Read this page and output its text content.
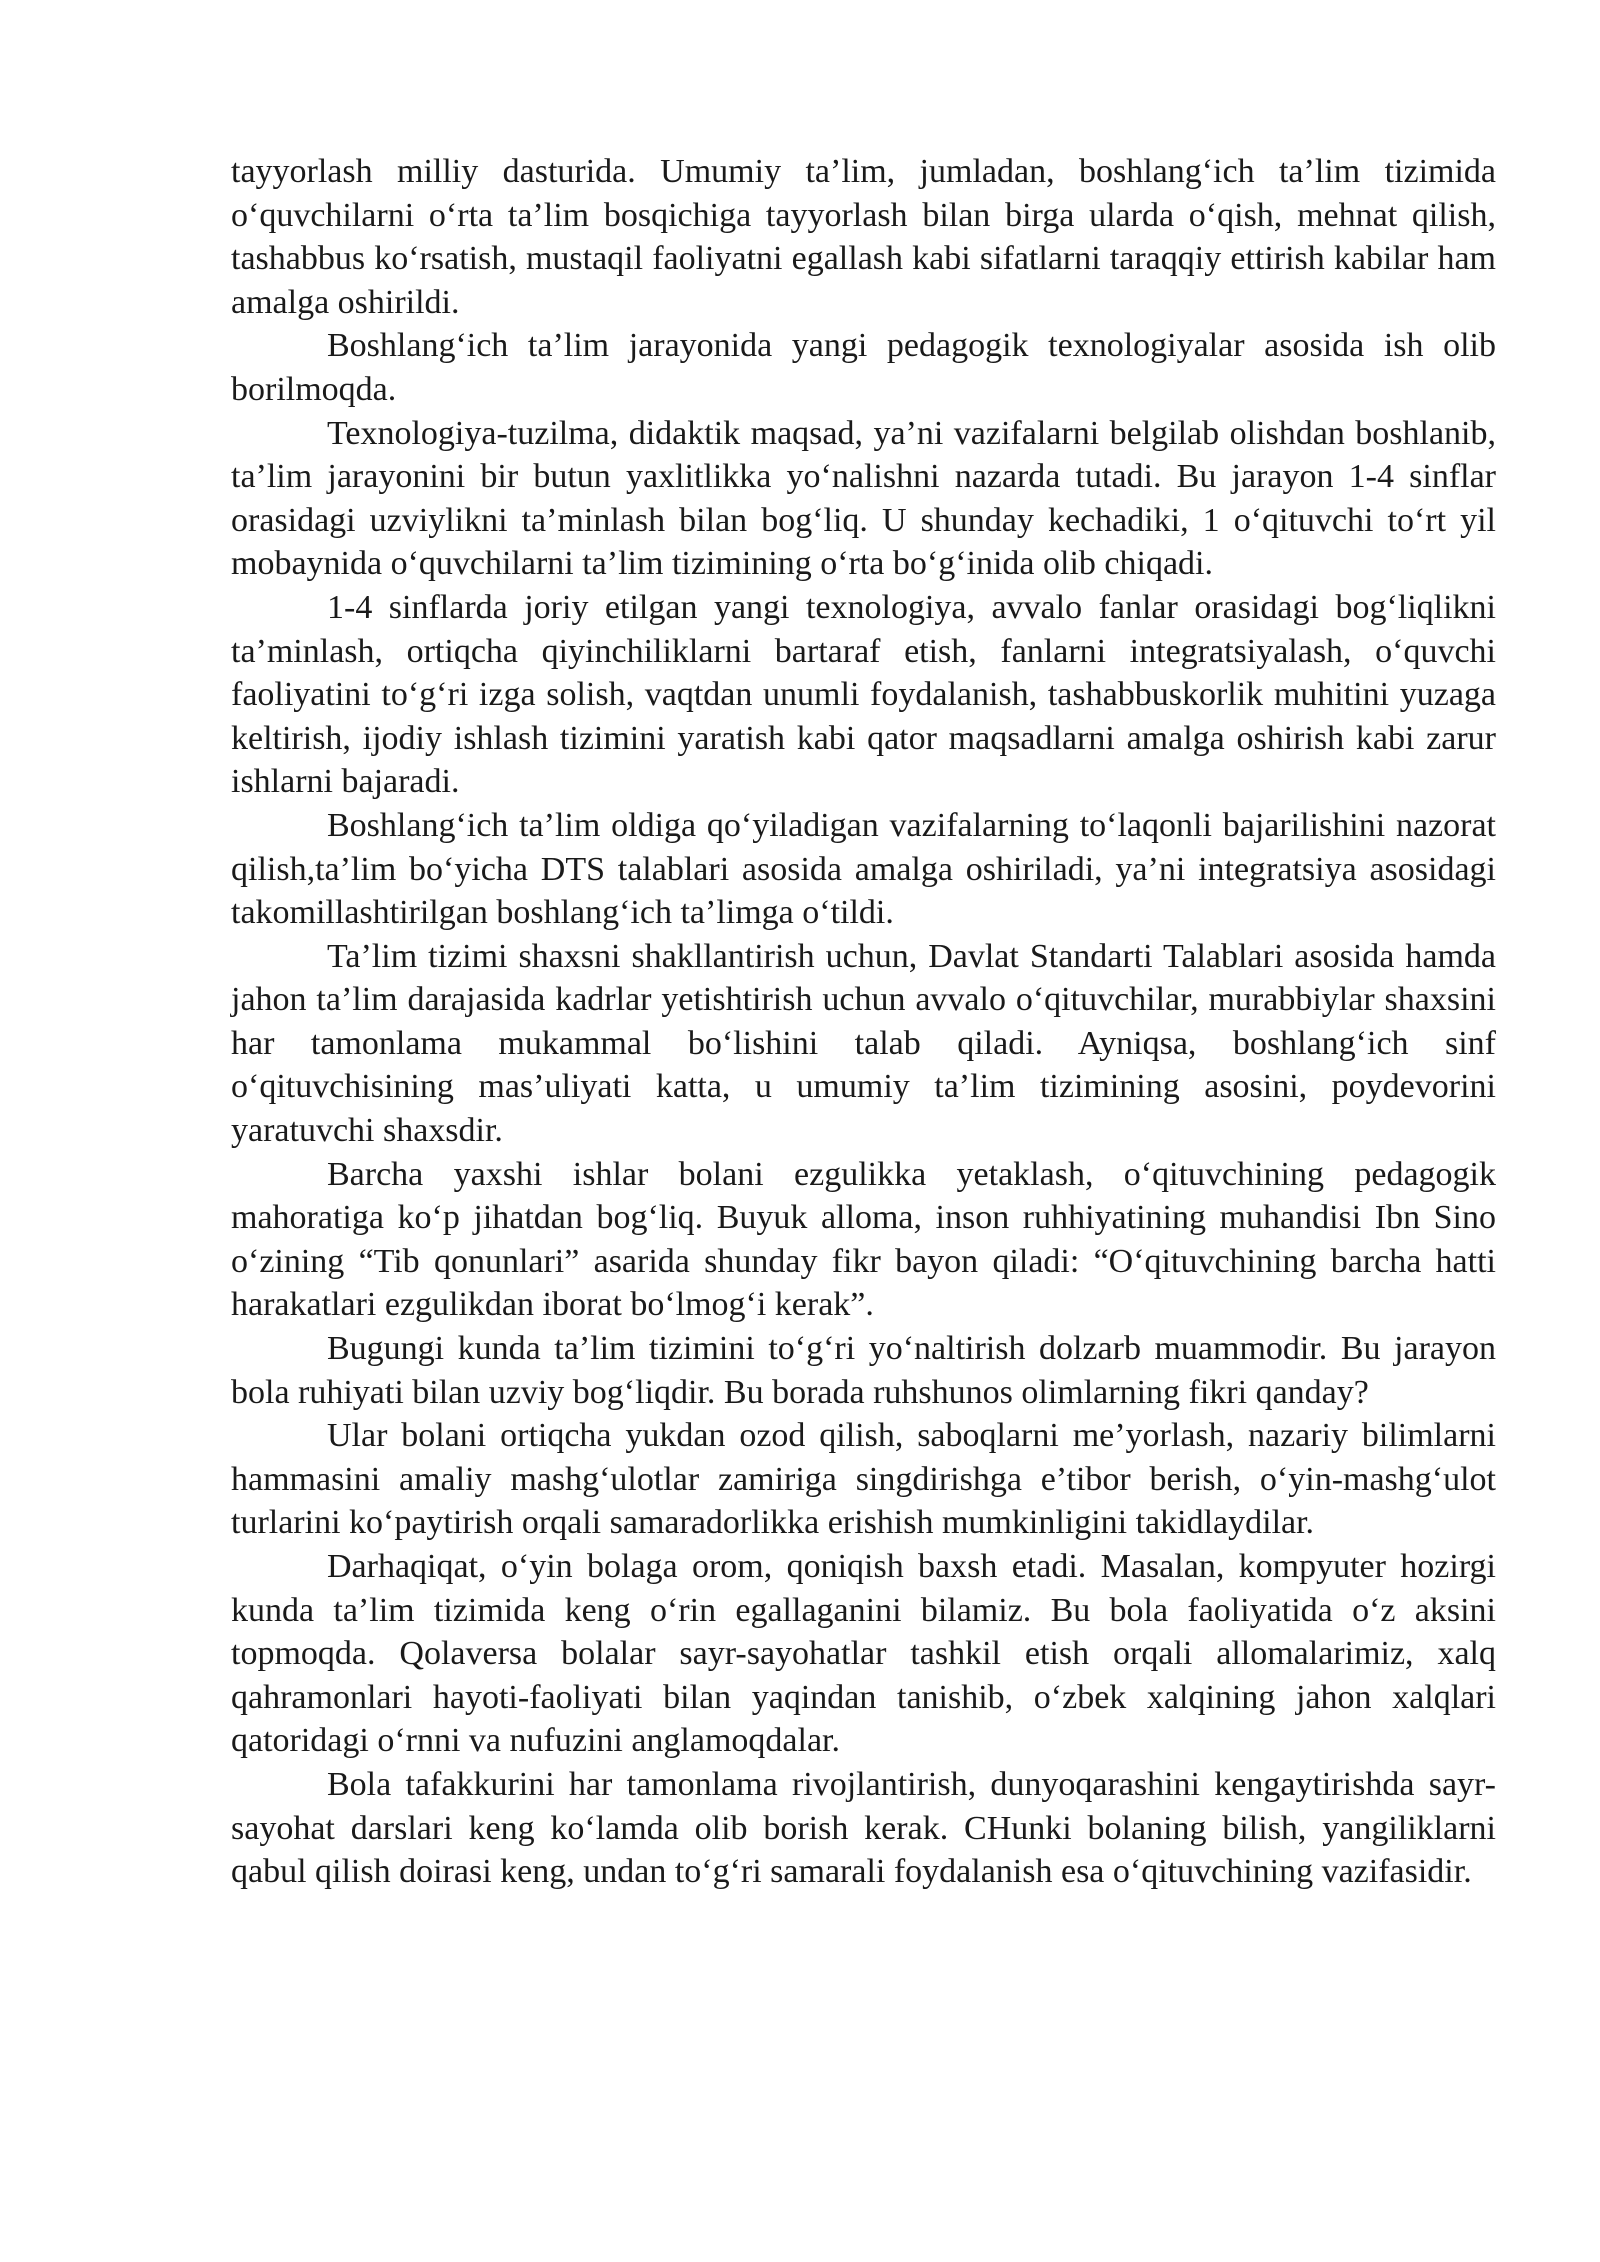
tayyorlash milliy dasturida. Umumiy ta’lim, jumladan, boshlang‘ich ta’lim tizimida o‘quvchilarni o‘rta ta’lim bosqichiga tayyorlash bilan birga ularda o‘qish, mehnat qilish, tashabbus ko‘rsatish, mustaqil faoliyatni egallash kabi sifatlarni taraqqiy ettirish kabilar ham amalga oshirildi.

Boshlang‘ich ta’lim jarayonida yangi pedagogik texnologiyalar asosida ish olib borilmoqda.

Texnologiya-tuzilma, didaktik maqsad, ya’ni vazifalarni belgilab olishdan boshlanib, ta’lim jarayonini bir butun yaxlitlikka yo‘nalishni nazarda tutadi. Bu jarayon 1-4 sinflar orasidagi uzviylikni ta’minlash bilan bog‘liq. U shunday kechadiki, 1 o‘qituvchi to‘rt yil mobaynida o‘quvchilarni ta’lim tizimining o‘rta bo‘g‘inida olib chiqadi.

1-4 sinflarda joriy etilgan yangi texnologiya, avvalo fanlar orasidagi bog‘liqlikni ta’minlash, ortiqcha qiyinchiliklarni bartaraf etish, fanlarni integratsiyalash, o‘quvchi faoliyatini to‘g‘ri izga solish, vaqtdan unumli foydalanish, tashabbuskorlik muhitini yuzaga keltirish, ijodiy ishlash tizimini yaratish kabi qator maqsadlarni amalga oshirish kabi zarur ishlarni bajaradi.

Boshlang‘ich ta’lim oldiga qo‘yiladigan vazifalarning to‘laqonli bajarilishini nazorat qilish,ta’lim bo‘yicha DTS talablari asosida amalga oshiriladi, ya’ni integratsiya asosidagi takomillashtirilgan boshlang‘ich ta’limga o‘tildi.

Ta’lim tizimi shaxsni shakllantirish uchun, Davlat Standarti Talablari asosida hamda jahon ta’lim darajasida kadrlar yetishtirish uchun avvalo o‘qituvchilar, murabbiylar shaxsini har tamonlama mukammal bo‘lishini talab qiladi. Ayniqsa, boshlang‘ich sinf o‘qituvchisining mas’uliyati katta, u umumiy ta’lim tizimining asosini, poydevorini yaratuvchi shaxsdir.

Barcha yaxshi ishlar bolani ezgulikka yetaklash, o‘qituvchining pedagogik mahoratiga ko‘p jihatdan bog‘liq. Buyuk alloma, inson ruhhiyatining muhandisi Ibn Sino o‘zining “Tib qonunlari” asarida shunday fikr bayon qiladi: “O‘qituvchining barcha hatti harakatlari ezgulikdan iborat bo‘lmog‘i kerak”.

Bugungi kunda ta’lim tizimini to‘g‘ri yo‘naltirish dolzarb muammodir. Bu jarayon bola ruhiyati bilan uzviy bog‘liqdir. Bu borada ruhshunos olimlarning fikri qanday?

Ular bolani ortiqcha yukdan ozod qilish, saboqlarni me’yorlash, nazariy bilimlarni hammasini amaliy mashg‘ulotlar zamiriga singdirishga e’tibor berish, o‘yin-mashg‘ulot turlarini ko‘paytirish orqali samaradorlikka erishish mumkinligini takidlaydilar.

Darhaqiqat, o‘yin bolaga orom, qoniqish baxsh etadi. Masalan, kompyuter hozirgi kunda ta’lim tizimida keng o‘rin egallaganini bilamiz. Bu bola faoliyatida o‘z aksini topmoqda. Qolaversa bolalar sayr-sayohatlar tashkil etish orqali allomalarimiz, xalq qahramonlari hayoti-faoliyati bilan yaqindan tanishib, o‘zbek xalqining jahon xalqlari qatoridagi o‘rnni va nufuzini anglamoqdalar.

Bola tafakkurini har tamonlama rivojlantirish, dunyoqarashini kengaytirishda sayr-sayohat darslari keng ko‘lamda olib borish kerak. CHunki bolaning bilish, yangiliklarni qabul qilish doirasi keng, undan to‘g‘ri samarali foydalanish esa o‘qituvchining vazifasidir.
